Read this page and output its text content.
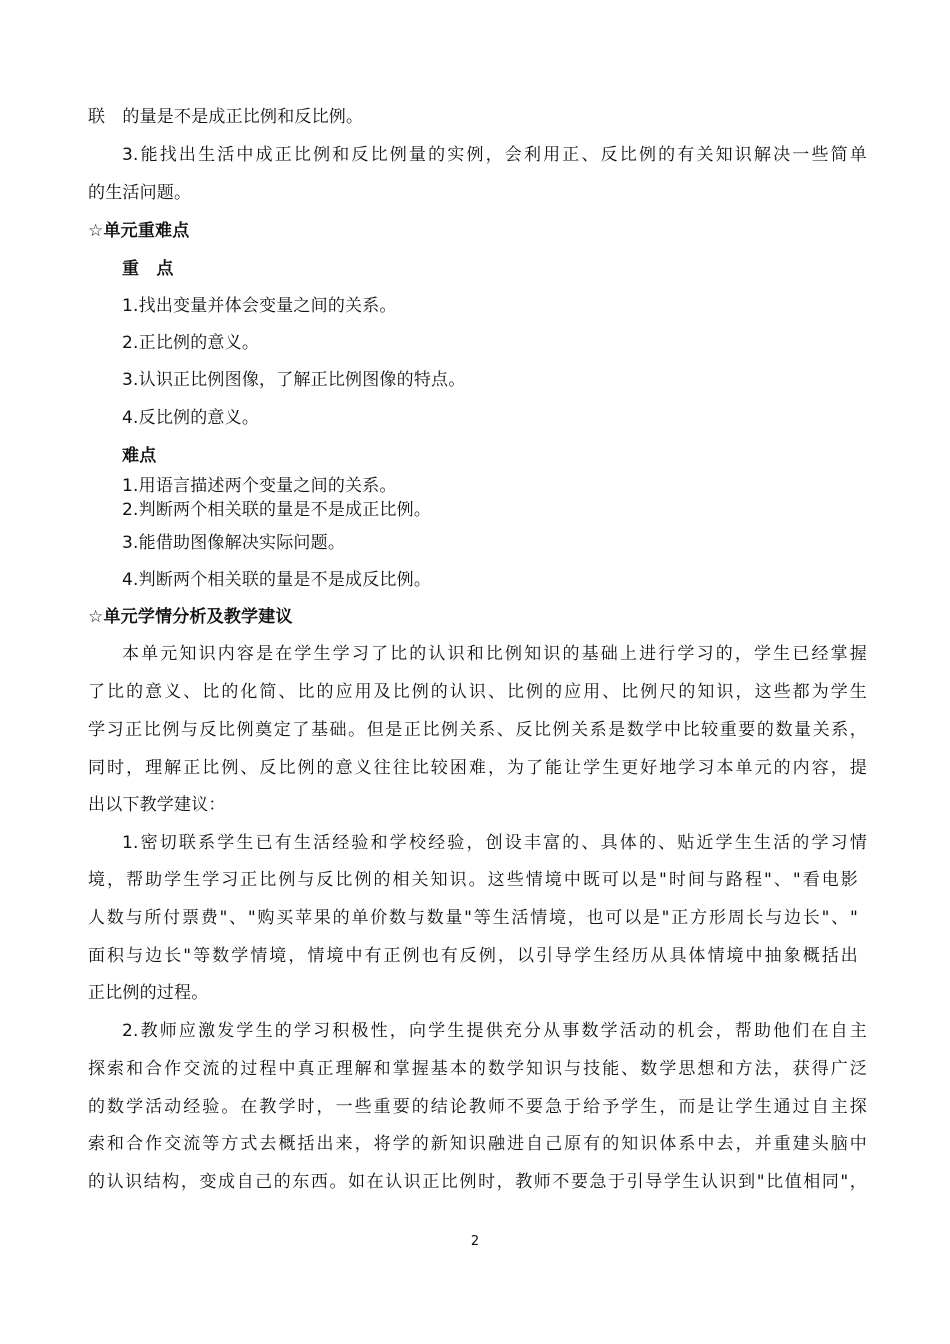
联　的量是不是成正比例和反比例。
3.能找出生活中成正比例和反比例量的实例，会利用正、反比例的有关知识解决一些简单
的生活问题。
☆单元重难点
重　点
1.找出变量并体会变量之间的关系。
2.正比例的意义。
3.认识正比例图像，了解正比例图像的特点。
4.反比例的意义。
难点
1.用语言描述两个变量之间的关系。
2.判断两个相关联的量是不是成正比例。
3.能借助图像解决实际问题。
4.判断两个相关联的量是不是成反比例。
☆单元学情分析及教学建议
本单元知识内容是在学生学习了比的认识和比例知识的基础上进行学习的，学生已经掌握
了比的意义、比的化简、比的应用及比例的认识、比例的应用、比例尺的知识，这些都为学生
学习正比例与反比例奠定了基础。但是正比例关系、反比例关系是数学中比较重要的数量关系，
同时，理解正比例、反比例的意义往往比较困难，为了能让学生更好地学习本单元的内容，提
出以下教学建议：
1.密切联系学生已有生活经验和学校经验，创设丰富的、具体的、贴近学生生活的学习情
境，帮助学生学习正比例与反比例的相关知识。这些情境中既可以是"时间与路程"、"看电影
人数与所付票费"、"购买苹果的单价数与数量"等生活情境，也可以是"正方形周长与边长"、"
面积与边长"等数学情境，情境中有正例也有反例，以引导学生经历从具体情境中抽象概括出
正比例的过程。
2.教师应激发学生的学习积极性，向学生提供充分从事数学活动的机会，帮助他们在自主
探索和合作交流的过程中真正理解和掌握基本的数学知识与技能、数学思想和方法，获得广泛
的数学活动经验。在教学时，一些重要的结论教师不要急于给予学生，而是让学生通过自主探
索和合作交流等方式去概括出来，将学的新知识融进自己原有的知识体系中去，并重建头脑中
的认识结构，变成自己的东西。如在认识正比例时，教师不要急于引导学生认识到"比值相同"，
2
